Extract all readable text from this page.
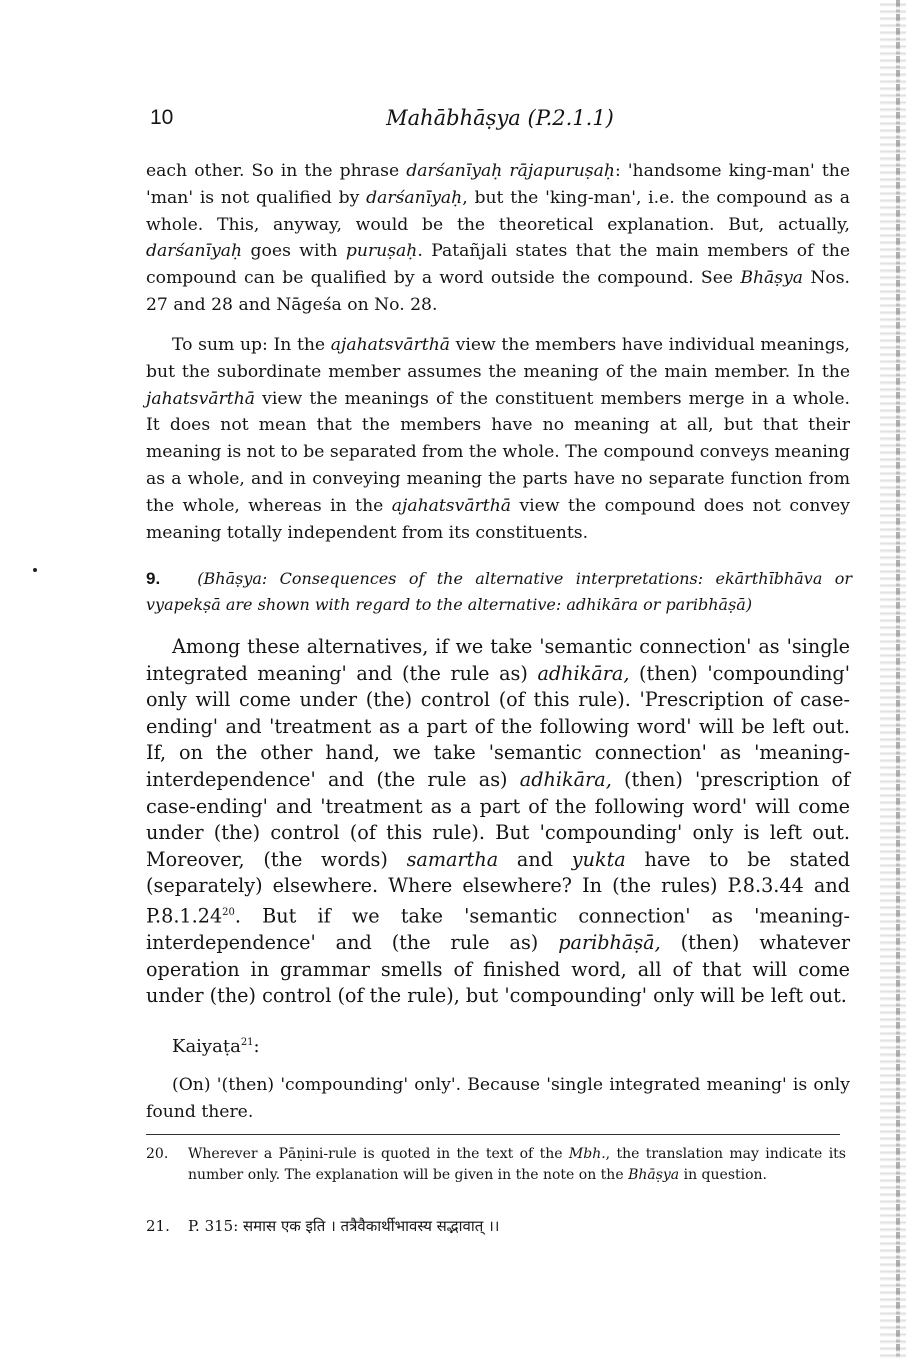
10	Mahābhāṣya (P.2.1.1)

each other. So in the phrase darśanīyaḥ rājapuruṣaḥ: 'handsome king-man' the 'man' is not qualified by darśanīyaḥ, but the 'king-man', i.e. the compound as a whole. This, anyway, would be the theoretical explanation. But, actually, darśanīyaḥ goes with puruṣaḥ. Patañjali states that the main members of the compound can be qualified by a word outside the compound. See Bhāṣya Nos. 27 and 28 and Nāgeśa on No. 28.

To sum up: In the ajahatsvārthā view the members have individual meanings, but the subordinate member assumes the meaning of the main member. In the jahatsvārthā view the meanings of the constituent members merge in a whole. It does not mean that the members have no meaning at all, but that their meaning is not to be separated from the whole. The compound conveys meaning as a whole, and in conveying meaning the parts have no separate function from the whole, whereas in the ajahatsvārthā view the compound does not convey meaning totally independent from its constituents.

9. (Bhāṣya: Consequences of the alternative interpretations: ekārthībhāva or vyapekṣā are shown with regard to the alternative: adhikāra or paribhāṣā)

Among these alternatives, if we take 'semantic connection' as 'single integrated meaning' and (the rule as) adhikāra, (then) 'compounding' only will come under (the) control (of this rule). 'Prescription of case-ending' and 'treatment as a part of the following word' will be left out. If, on the other hand, we take 'semantic connection' as 'meaning-interdependence' and (the rule as) adhikāra, (then) 'prescription of case-ending' and 'treatment as a part of the following word' will come under (the) control (of this rule). But 'compounding' only is left out. Moreover, (the words) samartha and yukta have to be stated (separately) elsewhere. Where elsewhere? In (the rules) P.8.3.44 and P.8.1.24$^{20}$. But if we take 'semantic connection' as 'meaning-interdependence' and (the rule as) paribhāṣā, (then) whatever operation in grammar smells of finished word, all of that will come under (the) control (of the rule), but 'compounding' only will be left out.

Kaiyaṭa$^{21}$:

(On) '(then) 'compounding' only'. Because 'single integrated meaning' is only found there.

20. Wherever a Pāṇini-rule is quoted in the text of the Mbh., the translation may indicate its number only. The explanation will be given in the note on the Bhāṣya in question.
21. P. 315: समास एक इति । तत्रैवैकार्थीभावस्य सद्भावात् ।।
